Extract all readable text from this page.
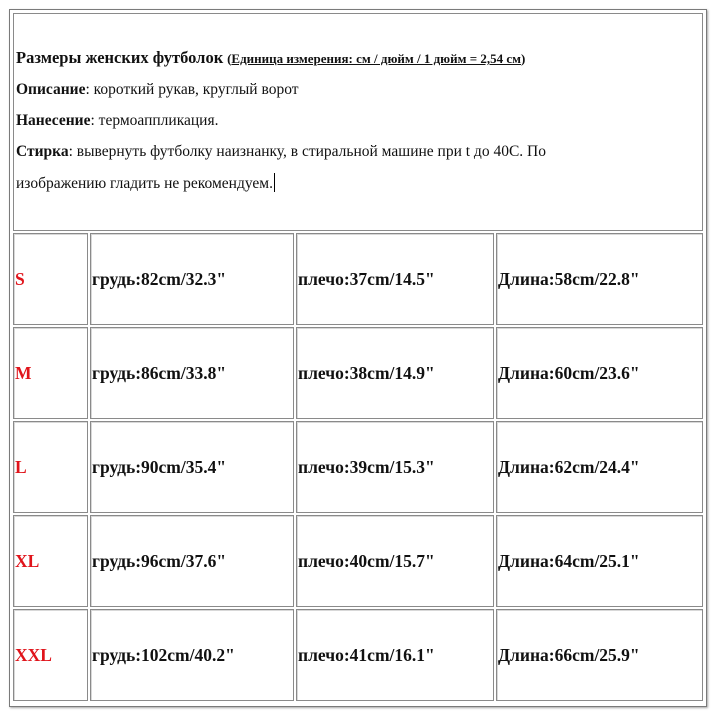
Размеры женских футболок (Единица измерения: см / дюйм / 1 дюйм = 2,54 см)

Описание: короткий рукав, круглый ворот

Нанесение: термоаппликация.

Стирка: вывернуть футболку наизнанку, в стиральной машине при t до 40С. По

изображению гладить не рекомендуем.

S	грудь:82cm/32.3"	плечо:37cm/14.5"	Длина:58cm/22.8"
M	грудь:86cm/33.8"	плечо:38cm/14.9"	Длина:60cm/23.6"
L	грудь:90cm/35.4"	плечо:39cm/15.3"	Длина:62cm/24.4"
XL	грудь:96cm/37.6"	плечо:40cm/15.7"	Длина:64cm/25.1"
XXL	грудь:102cm/40.2"	плечо:41cm/16.1"	Длина:66cm/25.9"
